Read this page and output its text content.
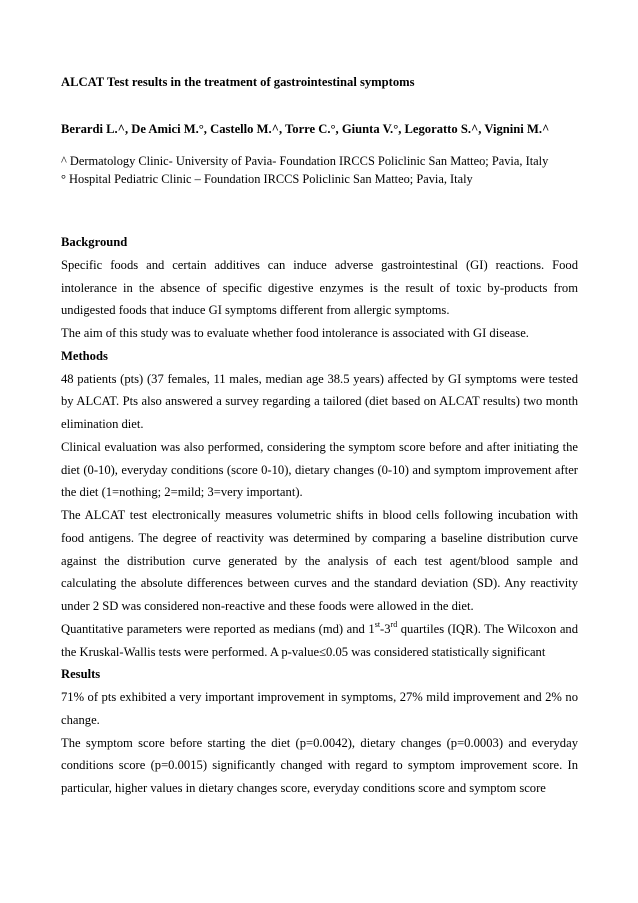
ALCAT Test results in the treatment of gastrointestinal symptoms
Berardi L.^, De Amici M.°, Castello M.^, Torre C.°, Giunta V.°, Legoratto S.^, Vignini M.^
^ Dermatology Clinic- University of Pavia- Foundation IRCCS Policlinic San Matteo; Pavia, Italy
° Hospital Pediatric Clinic – Foundation IRCCS Policlinic San Matteo; Pavia, Italy

Background

Specific foods and certain additives can induce adverse gastrointestinal (GI) reactions. Food intolerance in the absence of specific digestive enzymes is the result of toxic by-products from undigested foods that induce GI symptoms different from allergic symptoms.

The aim of this study was to evaluate whether food intolerance is associated with GI disease.

Methods

48 patients (pts) (37 females, 11 males, median age 38.5 years) affected by GI symptoms were tested by ALCAT. Pts also answered a survey regarding a tailored (diet based on ALCAT results) two month elimination diet.

Clinical evaluation was also performed, considering the symptom score before and after initiating the diet (0-10), everyday conditions (score 0-10), dietary changes (0-10) and symptom improvement after the diet (1=nothing; 2=mild; 3=very important).

The ALCAT test electronically measures volumetric shifts in blood cells following incubation with food antigens. The degree of reactivity was determined by comparing a baseline distribution curve against the distribution curve generated by the analysis of each test agent/blood sample and calculating the absolute differences between curves and the standard deviation (SD). Any reactivity under 2 SD was considered non-reactive and these foods were allowed in the diet.

Quantitative parameters were reported as medians (md) and 1st-3rd quartiles (IQR). The Wilcoxon and the Kruskal-Wallis tests were performed. A p-value≤0.05 was considered statistically significant

Results

71% of pts exhibited a very important improvement in symptoms, 27% mild improvement and 2% no change.

The symptom score before starting the diet (p=0.0042), dietary changes (p=0.0003) and everyday conditions score (p=0.0015) significantly changed with regard to symptom improvement score. In particular, higher values in dietary changes score, everyday conditions score and symptom score
